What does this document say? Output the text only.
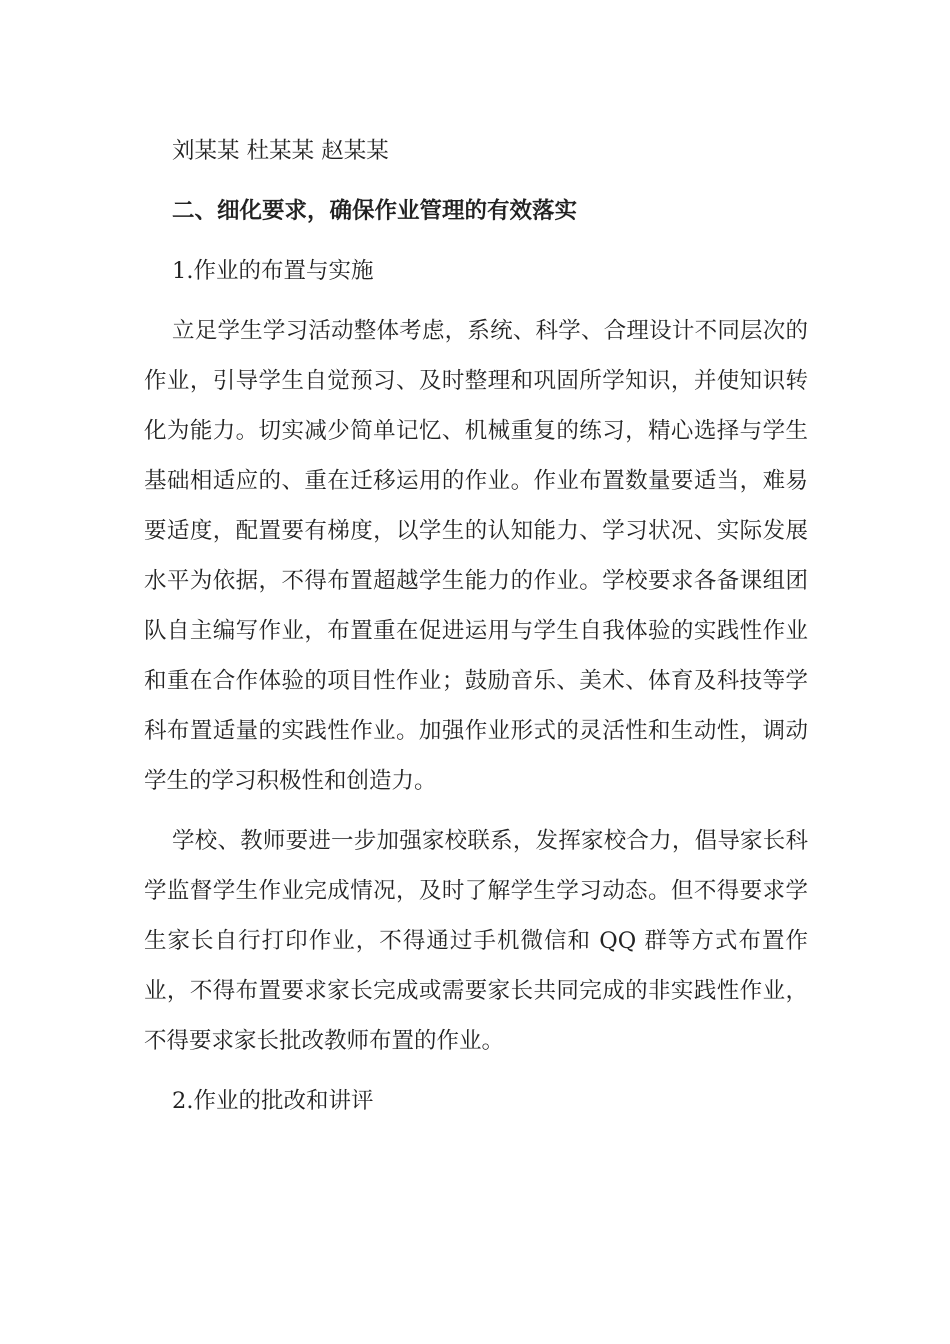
刘某某 杜某某 赵某某

二、细化要求，确保作业管理的有效落实

1.作业的布置与实施

立足学生学习活动整体考虑，系统、科学、合理设计不同层次的作业，引导学生自觉预习、及时整理和巩固所学知识，并使知识转化为能力。切实减少简单记忆、机械重复的练习，精心选择与学生基础相适应的、重在迁移运用的作业。作业布置数量要适当，难易要适度，配置要有梯度，以学生的认知能力、学习状况、实际发展水平为依据，不得布置超越学生能力的作业。学校要求各备课组团队自主编写作业，布置重在促进运用与学生自我体验的实践性作业和重在合作体验的项目性作业；鼓励音乐、美术、体育及科技等学科布置适量的实践性作业。加强作业形式的灵活性和生动性，调动学生的学习积极性和创造力。

学校、教师要进一步加强家校联系，发挥家校合力，倡导家长科学监督学生作业完成情况，及时了解学生学习动态。但不得要求学生家长自行打印作业，不得通过手机微信和 QQ 群等方式布置作业，不得布置要求家长完成或需要家长共同完成的非实践性作业，不得要求家长批改教师布置的作业。

2.作业的批改和讲评
